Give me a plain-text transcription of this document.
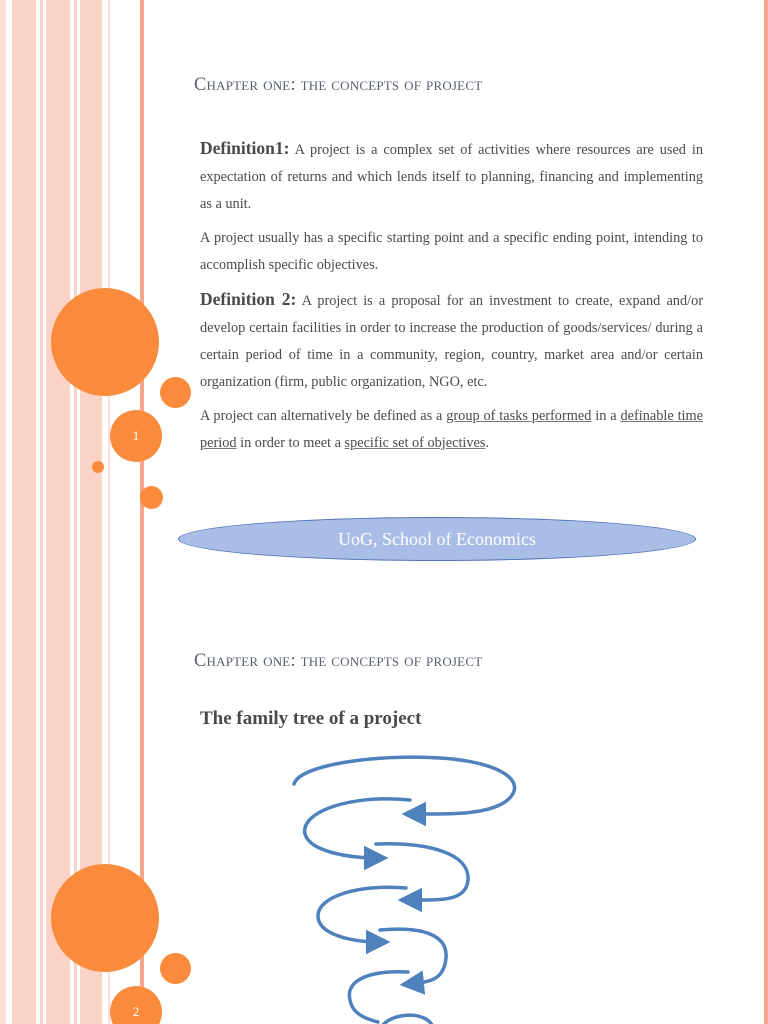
1
Chapter one: the concepts of project

Definition1: A project is a complex set of activities where resources are used in expectation of returns and which lends itself to planning, financing and implementing as a unit.

A project usually has a specific starting point and a specific ending point, intending to accomplish specific objectives.

Definition 2: A project is a proposal for an investment to create, expand and/or develop certain facilities in order to increase the production of goods/services/ during a certain period of time in a community, region, country, market area and/or certain organization (firm, public organization, NGO, etc.

A project can alternatively be defined as a group of tasks performed in a definable time period in order to meet a specific set of objectives.

UoG, School of Economics
2
Chapter one: the concepts of project
The family tree of a project
